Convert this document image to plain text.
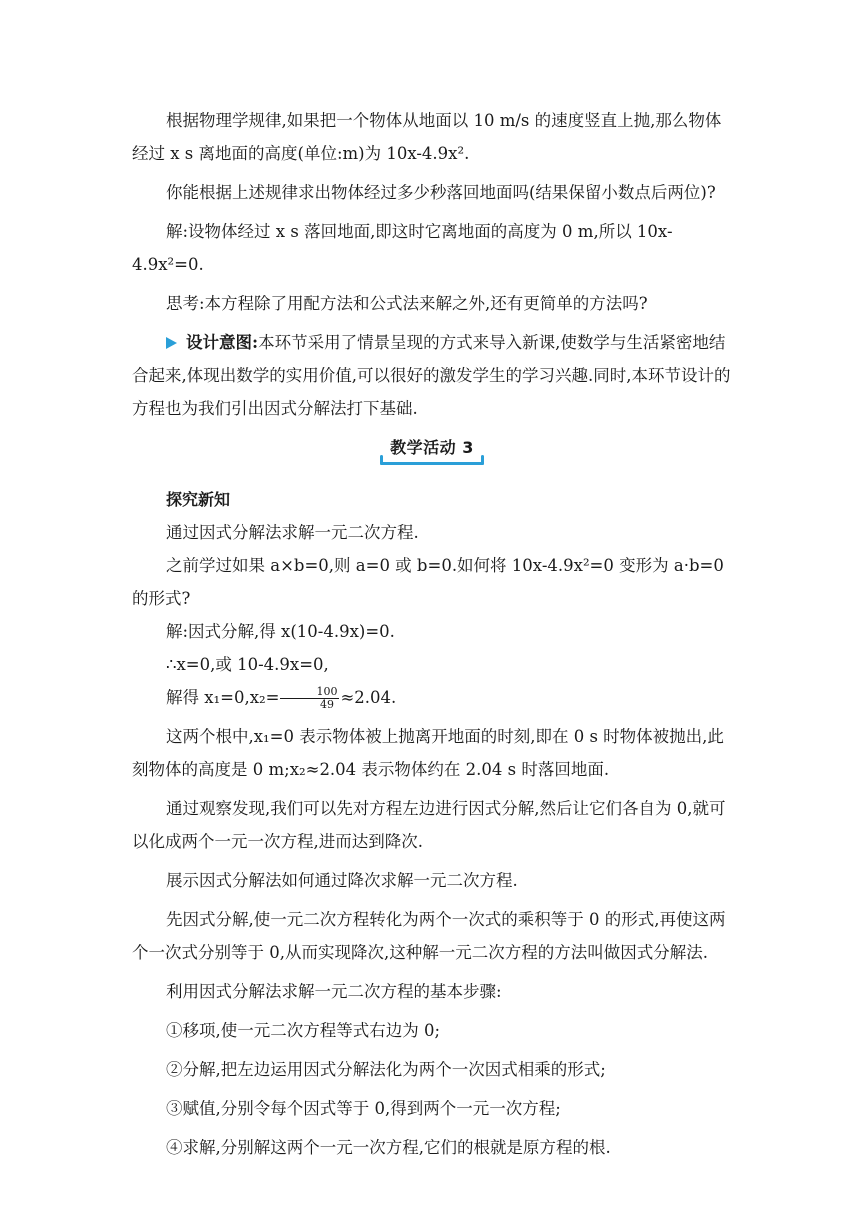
根据物理学规律,如果把一个物体从地面以 10 m/s 的速度竖直上抛,那么物体经过 x s 离地面的高度(单位:m)为 10x-4.9x².

你能根据上述规律求出物体经过多少秒落回地面吗(结果保留小数点后两位)?

解:设物体经过 x s 落回地面,即这时它离地面的高度为 0 m,所以 10x-4.9x²=0.

思考:本方程除了用配方法和公式法来解之外,还有更简单的方法吗?

设计意图:本环节采用了情景呈现的方式来导入新课,使数学与生活紧密地结合起来,体现出数学的实用价值,可以很好的激发学生的学习兴趣.同时,本环节设计的方程也为我们引出因式分解法打下基础.

教学活动 3

探究新知

通过因式分解法求解一元二次方程.

之前学过如果 a×b=0,则 a=0 或 b=0.如何将 10x-4.9x²=0 变形为 a·b=0 的形式?

解:因式分解,得 x(10-4.9x)=0.

∴x=0,或 10-4.9x=0,

解得 $x_1=0,x_2= \frac{100}{49} \approx 2.04$.

这两个根中,x₁=0 表示物体被上抛离开地面的时刻,即在 0 s 时物体被抛出,此刻物体的高度是 0 m;x₂≈2.04 表示物体约在 2.04 s 时落回地面.

通过观察发现,我们可以先对方程左边进行因式分解,然后让它们各自为 0,就可以化成两个一元一次方程,进而达到降次.

展示因式分解法如何通过降次求解一元二次方程.

先因式分解,使一元二次方程转化为两个一次式的乘积等于 0 的形式,再使这两个一次式分别等于 0,从而实现降次,这种解一元二次方程的方法叫做因式分解法.

利用因式分解法求解一元二次方程的基本步骤:

①移项,使一元二次方程等式右边为 0;

②分解,把左边运用因式分解法化为两个一次因式相乘的形式;

③赋值,分别令每个因式等于 0,得到两个一元一次方程;

④求解,分别解这两个一元一次方程,它们的根就是原方程的根.
